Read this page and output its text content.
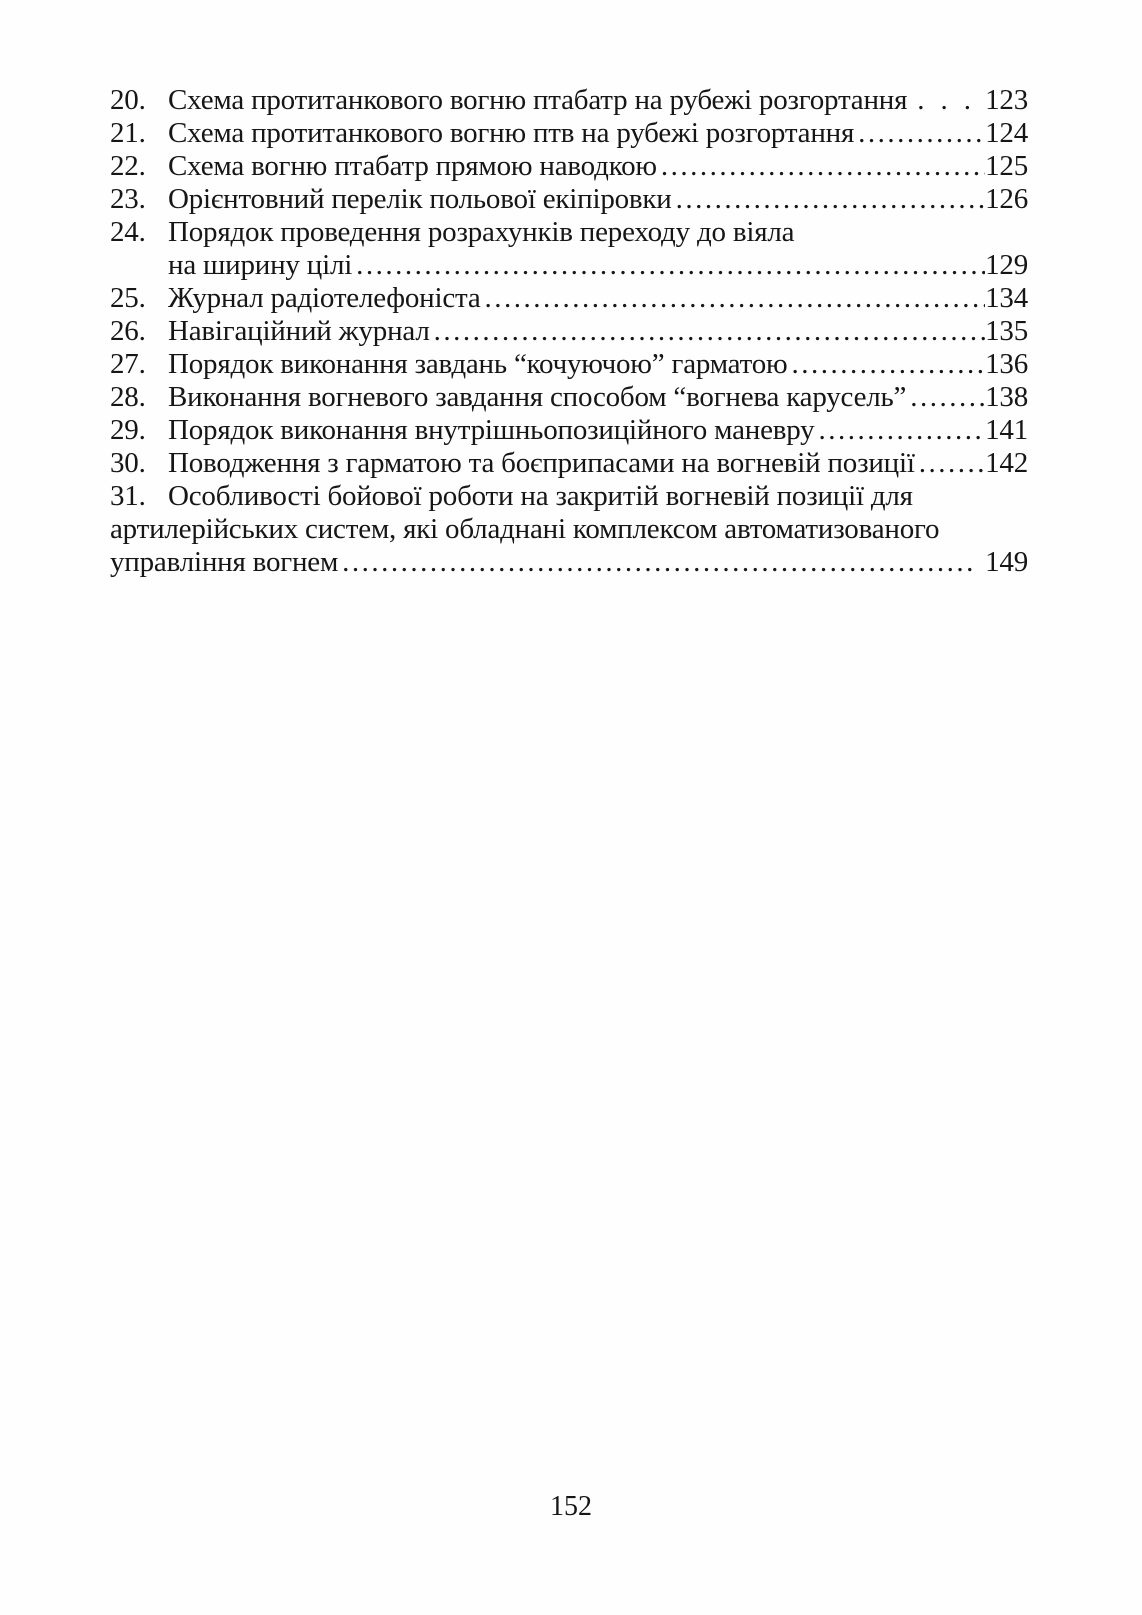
20. Схема протитанкового вогню птабатр на рубежі розгортання .....	123
21. Схема протитанкового вогню птв на рубежі розгортання .....	124
22. Схема вогню птабатр прямою наводкою .....	125
23. Орієнтовний перелік польової екіпіровки .....	126
24. Порядок проведення розрахунків переходу до віяла
на ширину цілі .....	129
25. Журнал радіотелефоніста .....	134
26. Навігаційний журнал .....	135
27. Порядок виконання завдань “кочуючою” гарматою .....	136
28. Виконання вогневого завдання способом “вогнева карусель” .....	138
29. Порядок виконання внутрішньопозиційного маневру .....	141
30. Поводження з гарматою та боєприпасами на вогневій позиції ..... 142
31. Особливості бойової роботи на закритій вогневій позиції для
артилерійських систем, які обладнані комплексом автоматизованого
управління вогнем .....	149
152
